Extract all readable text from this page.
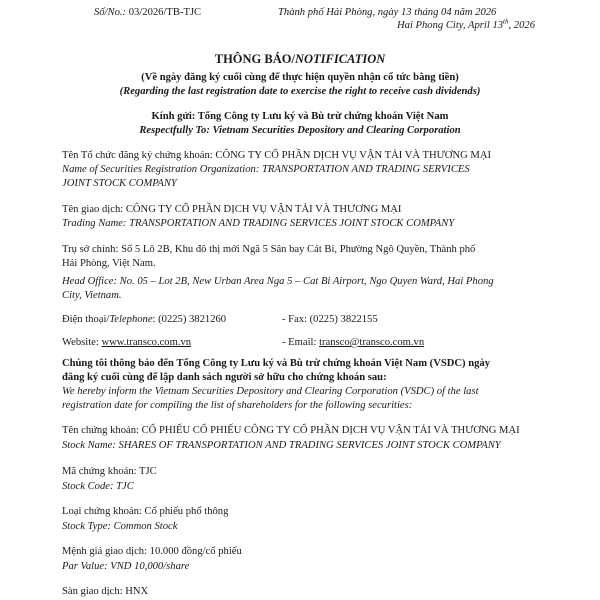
Số/No.: 03/2026/TB-TJC	Thành phố Hải Phòng, ngày 13 tháng 04 năm 2026
Hai Phong City, April 13th, 2026
THÔNG BÁO/NOTIFICATION
(Về ngày đăng ký cuối cùng để thực hiện quyền nhận cổ tức bằng tiền)
(Regarding the last registration date to exercise the right to receive cash dividends)
Kính gửi: Tổng Công ty Lưu ký và Bù trừ chứng khoán Việt Nam
Respectfully To: Vietnam Securities Depository and Clearing Corporation
Tên Tổ chức đăng ký chứng khoán: CÔNG TY CỔ PHẦN DỊCH VỤ VẬN TẢI VÀ THƯƠNG MẠI
Name of Securities Registration Organization: TRANSPORTATION AND TRADING SERVICES
JOINT STOCK COMPANY
Tên giao dịch: CÔNG TY CỔ PHẦN DỊCH VỤ VẬN TẢI VÀ THƯƠNG MẠI
Trading Name: TRANSPORTATION AND TRADING SERVICES JOINT STOCK COMPANY
Trụ sở chính: Số 5 Lô 2B, Khu đô thị mới Ngã 5 Sân bay Cát Bi, Phường Ngô Quyền, Thành phố
Hải Phòng, Việt Nam.
Head Office: No. 05 – Lot 2B, New Urban Area Nga 5 – Cat Bi Airport, Ngo Quyen Ward, Hai Phong
City, Vietnam.
Điện thoại/Telephone: (0225) 3821260	- Fax: (0225) 3822155
Website: www.transco.com.vn	- Email: transco@transco.com.vn
Chúng tôi thông báo đến Tổng Công ty Lưu ký và Bù trừ chứng khoán Việt Nam (VSDC) ngày
đăng ký cuối cùng để lập danh sách người sở hữu cho chứng khoán sau:
We hereby inform the Vietnam Securities Depository and Clearing Corporation (VSDC) of the last
registration date for compiling the list of shareholders for the following securities:
Tên chứng khoán: CỔ PHIẾU CỔ PHIẾU CÔNG TY CỔ PHẦN DỊCH VỤ VẬN TẢI VÀ THƯƠNG MẠI
Stock Name: SHARES OF TRANSPORTATION AND TRADING SERVICES JOINT STOCK COMPANY
Mã chứng khoán: TJC
Stock Code: TJC
Loại chứng khoán: Cổ phiếu phổ thông
Stock Type: Common Stock
Mệnh giá giao dịch: 10.000 đồng/cổ phiếu
Par Value: VND 10,000/share
Sàn giao dịch: HNX
